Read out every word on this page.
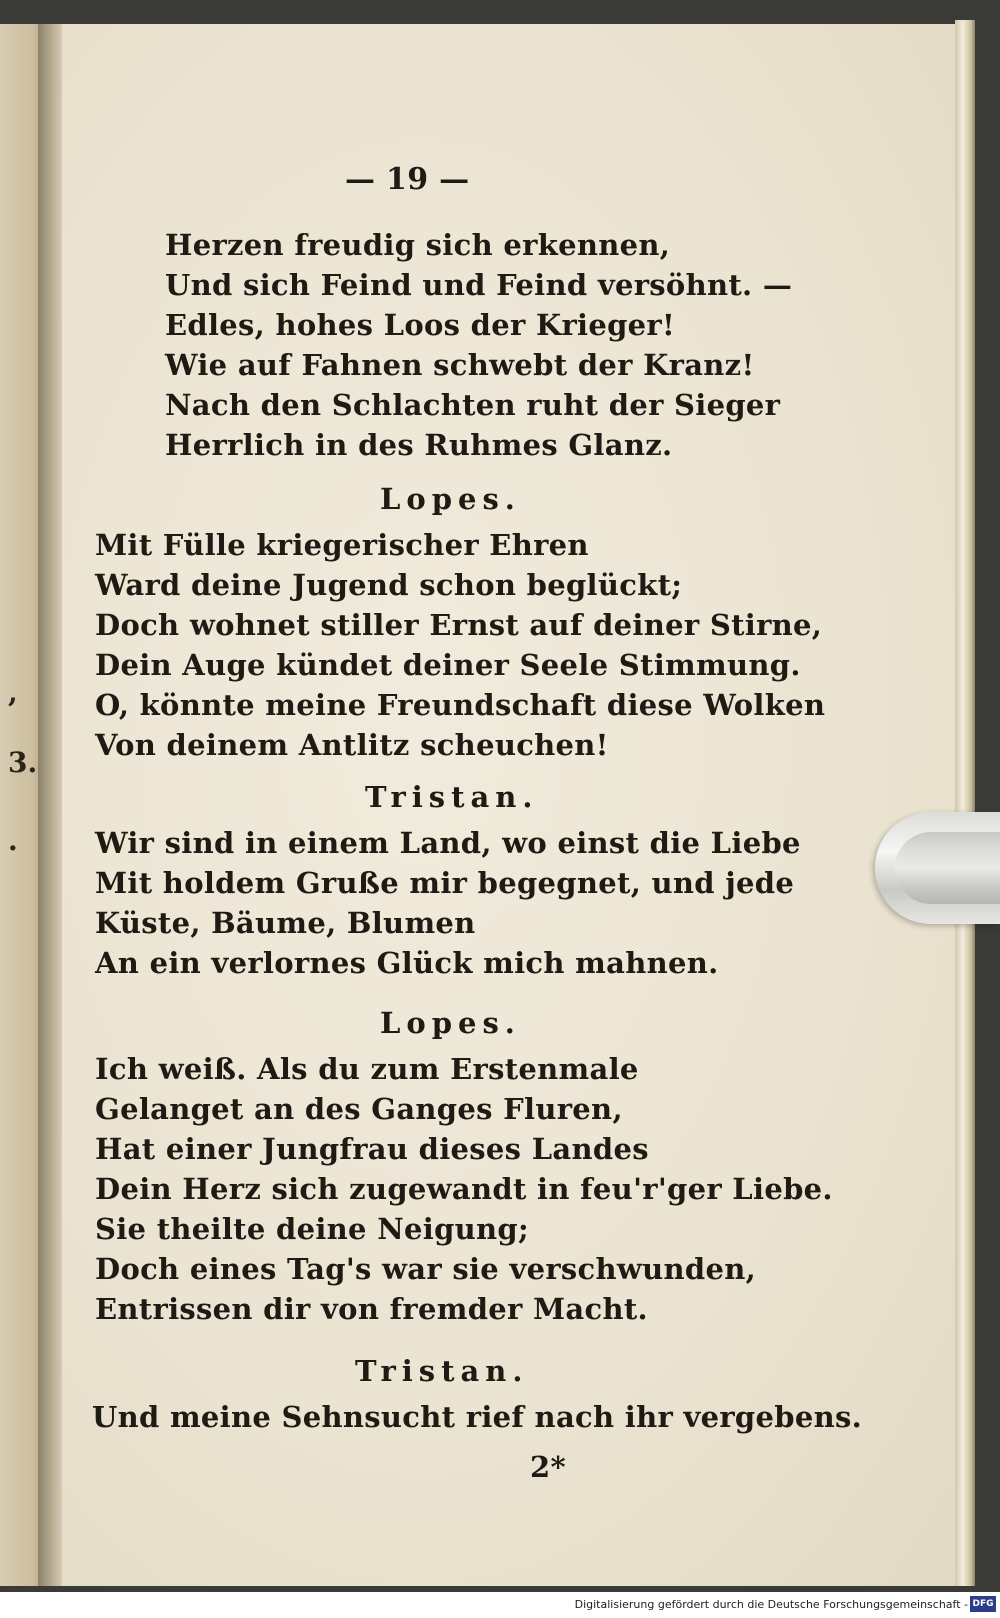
,
3.
.
— 19 —
Herzen freudig sich erkennen,
Und sich Feind und Feind versöhnt. —
Edles, hohes Loos der Krieger!
Wie auf Fahnen schwebt der Kranz!
Nach den Schlachten ruht der Sieger
Herrlich in des Ruhmes Glanz.
Lopes.
Mit Fülle kriegerischer Ehren
Ward deine Jugend schon beglückt;
Doch wohnet stiller Ernst auf deiner Stirne,
Dein Auge kündet deiner Seele Stimmung.
O, könnte meine Freundschaft diese Wolken
Von deinem Antlitz scheuchen!
Tristan.
Wir sind in einem Land, wo einst die Liebe
Mit holdem Gruße mir begegnet, und jede
Küste, Bäume, Blumen
An ein verlornes Glück mich mahnen.
Lopes.
Ich weiß. Als du zum Erstenmale
Gelanget an des Ganges Fluren,
Hat einer Jungfrau dieses Landes
Dein Herz sich zugewandt in feu'r'ger Liebe.
Sie theilte deine Neigung;
Doch eines Tag's war sie verschwunden,
Entrissen dir von fremder Macht.
Tristan.
Und meine Sehnsucht rief nach ihr vergebens.
2*
Digitalisierung gefördert durch die Deutsche Forschungsgemeinschaft - DFG
